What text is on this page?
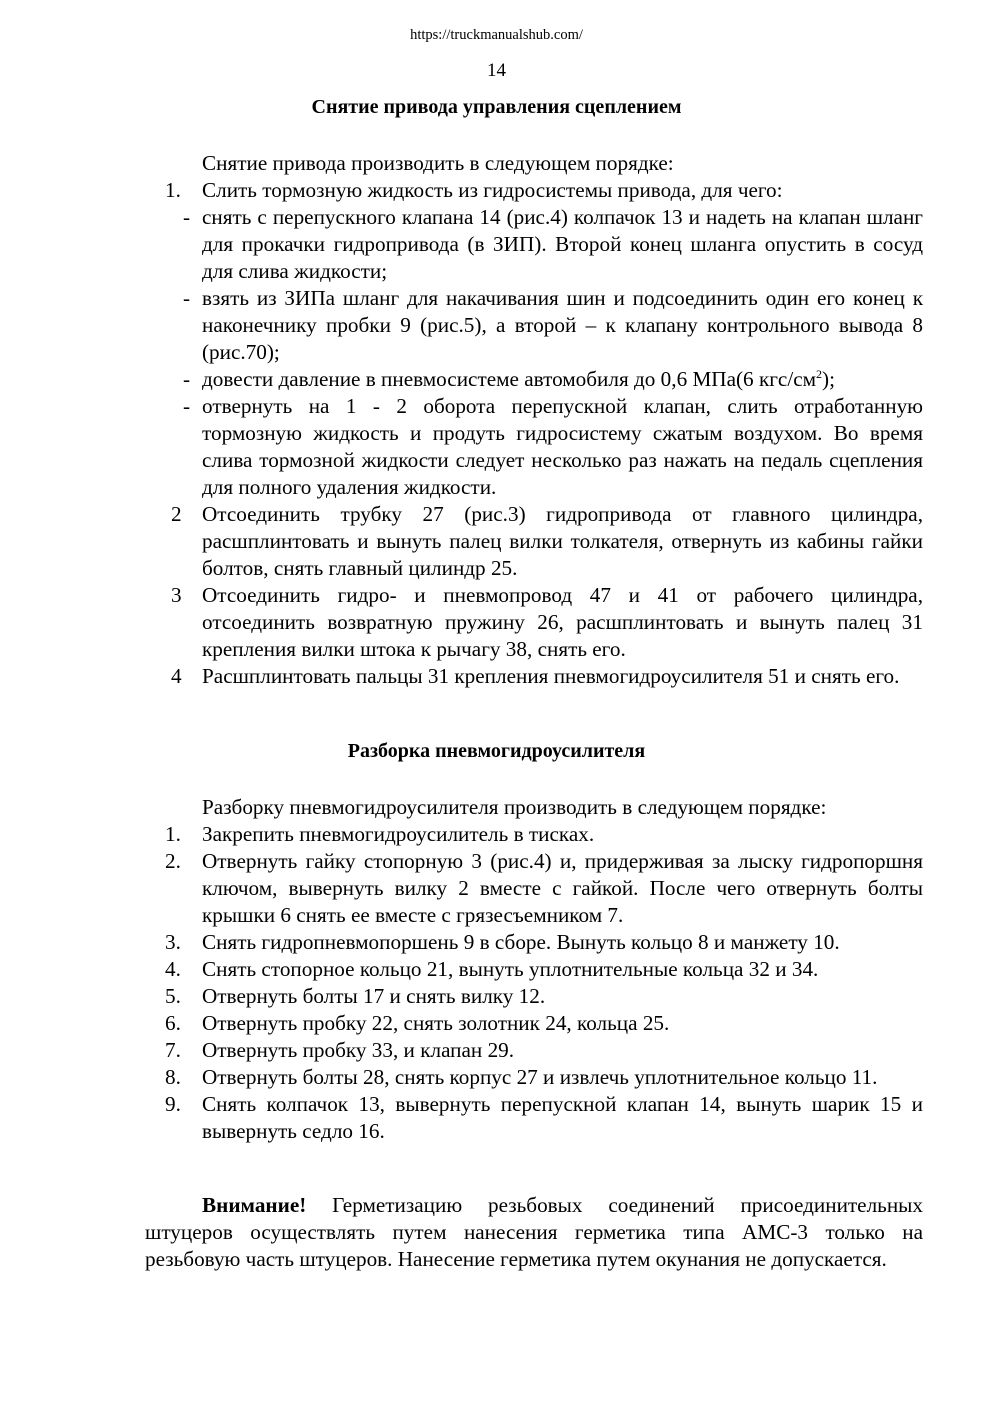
https://truckmanualshub.com/
14
Снятие привода управления сцеплением
Снятие привода производить в следующем порядке:
1. Слить тормозную жидкость из гидросистемы привода, для чего:
- снять с перепускного клапана 14 (рис.4) колпачок 13 и надеть на клапан шланг для прокачки гидропривода (в ЗИП). Второй конец шланга опустить в сосуд для слива жидкости;
- взять из ЗИПа шланг для накачивания шин и подсоединить один его конец к наконечнику пробки 9 (рис.5), а второй – к клапану контрольного вывода 8 (рис.70);
- довести давление в пневмосистеме автомобиля до 0,6 МПа(6 кгс/$см^2$);
- отвернуть на 1 - 2 оборота перепускной клапан, слить отработанную тормозную жидкость и продуть гидросистему сжатым воздухом. Во время слива тормозной жидкости следует несколько раз нажать на педаль сцепления для полного удаления жидкости.
2 Отсоединить трубку 27 (рис.3) гидропривода от главного цилиндра, расшплинтовать и вынуть палец вилки толкателя, отвернуть из кабины гайки болтов, снять главный цилиндр 25.
3 Отсоединить гидро- и пневмопровод 47 и 41 от рабочего цилиндра, отсоединить возвратную пружину 26, расшплинтовать и вынуть палец 31 крепления вилки штока к рычагу 38, снять его.
4 Расшплинтовать пальцы 31 крепления пневмогидроусилителя 51 и снять его.
Разборка пневмогидроусилителя
Разборку пневмогидроусилителя производить в следующем порядке:
1. Закрепить пневмогидроусилитель в тисках.
2. Отвернуть гайку стопорную 3 (рис.4) и, придерживая за лыску гидропоршня ключом, вывернуть вилку 2 вместе с гайкой. После чего отвернуть болты крышки 6 снять ее вместе с грязесъемником 7.
3. Снять гидропневмопоршень 9 в сборе. Вынуть кольцо 8 и манжету 10.
4. Снять стопорное кольцо 21, вынуть уплотнительные кольца 32 и 34.
5. Отвернуть болты 17 и снять вилку 12.
6. Отвернуть пробку 22, снять золотник 24, кольца 25.
7. Отвернуть пробку 33, и клапан 29.
8. Отвернуть болты 28, снять корпус 27 и извлечь уплотнительное кольцо 11.
9. Снять колпачок 13, вывернуть перепускной клапан 14, вынуть шарик 15 и вывернуть седло 16.
Внимание! Герметизацию резьбовых соединений присоединительных штуцеров осуществлять путем нанесения герметика типа АМС-3 только на резьбовую часть штуцеров. Нанесение герметика путем окунания не допускается.
